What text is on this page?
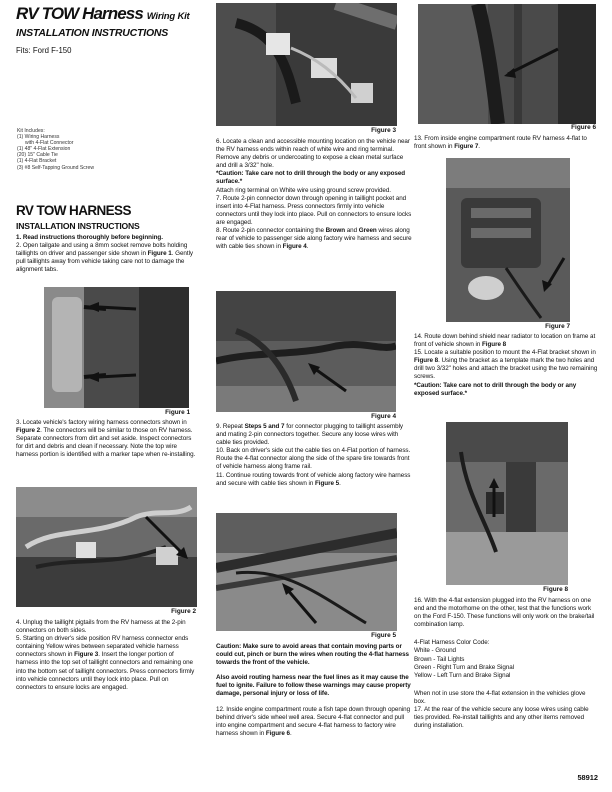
RV TOW Harness Wiring Kit
INSTALLATION INSTRUCTIONS
Fits: Ford F-150
Kit Includes:
(1) Wiring Harness
with 4-Flat Connector
(1) 48" 4-Flat Extension
(20) 15" Cable Tie
(1) 4-Flat Bracket
(3) #8 Self-Tapping Ground Screw
RV TOW HARNESS
INSTALLATION INSTRUCTIONS

1. Read instructions thoroughly before beginning.

2. Open tailgate and using a 8mm socket remove bolts holding taillights on driver and passenger side shown in Figure 1. Gently pull taillights away from vehicle taking care not to damage the alignment tabs.

Figure 1

3. Locate vehicle's factory wiring harness connectors shown in Figure 2. The connectors will be similar to those on RV harness. Separate connectors from dirt and set aside. Inspect connectors for dirt and debris and clean if necessary. Note the top wire harness portion is identified with a marker tape when re-installing.

Figure 2

4. Unplug the taillight pigtails from the RV harness at the 2-pin connectors on both sides.

5. Starting on driver's side position RV harness connector ends containing Yellow wires between separated vehicle harness connectors shown in Figure 3. Insert the longer portion of harness into the top set of taillight connectors and remaining one into the bottom set of taillight connectors. Press connectors firmly into vehicle connectors until they lock into place. Pull on connectors to ensure locks are engaged.

Figure 3

6. Locate a clean and accessible mounting location on the vehicle near the RV harness ends within reach of white wire and ring terminal. Remove any debris or undercoating to expose a clean metal surface and drill a 3/32" hole.

*Caution: Take care not to drill through the body or any exposed surface.*

Attach ring terminal on White wire using ground screw provided.

7. Route 2-pin connector down through opening in taillight pocket and insert into 4-Flat harness. Press connectors firmly into vehicle connectors until they lock into place. Pull on connectors to ensure locks are engaged.

8. Route 2-pin connector containing the Brown and Green wires along rear of vehicle to passenger side along factory wire harness and secure with cable ties shown in Figure 4.

Figure 4

9. Repeat Steps 5 and 7 for connector plugging to taillight assembly and mating 2-pin connectors together. Secure any loose wires with cable ties provided.

10. Back on driver's side cut the cable ties on 4-Flat portion of harness. Route the 4-flat connector along the side of the spare tire towards front of vehicle harness along frame rail.

11. Continue routing towards front of vehicle along factory wire harness and secure with cable ties shown in Figure 5.

Figure 5

Caution: Make sure to avoid areas that contain moving parts or could cut, pinch or burn the wires when routing the 4-flat harness towards the front of the vehicle.

Also avoid routing harness near the fuel lines as it may cause the fuel to ignite. Failure to follow these warnings may cause property damage, personal injury or loss of life.

12. Inside engine compartment route a fish tape down through opening behind driver's side wheel well area. Secure 4-flat connector and pull into engine compartment and secure 4-flat harness to factory wire harness shown in Figure 6.

Figure 6

13. From inside engine compartment route RV harness 4-flat to front shown in Figure 7.

Figure 7

14. Route down behind shield near radiator to location on frame at front of vehicle shown in Figure 8

15. Locate a suitable position to mount the 4-Flat bracket shown in Figure 8. Using the bracket as a template mark the two holes and drill two 3/32" holes and attach the bracket using the two remaining screws.

*Caution: Take care not to drill through the body or any exposed surface.*

Figure 8

16. With the 4-flat extension plugged into the RV harness on one end and the motorhome on the other, test that the functions work on the Ford F-150. These functions will only work on the brake/tail combination lamp.

4-Flat Harness Color Code:

White - Ground

Brown - Tail Lights

Green - Right Turn and Brake Signal

Yellow - Left Turn and Brake Signal

When not in use store the 4-flat extension in the vehicles glove box.

17. At the rear of the vehicle secure any loose wires using cable ties provided. Re-install taillights and any other items removed during installation.

58912
